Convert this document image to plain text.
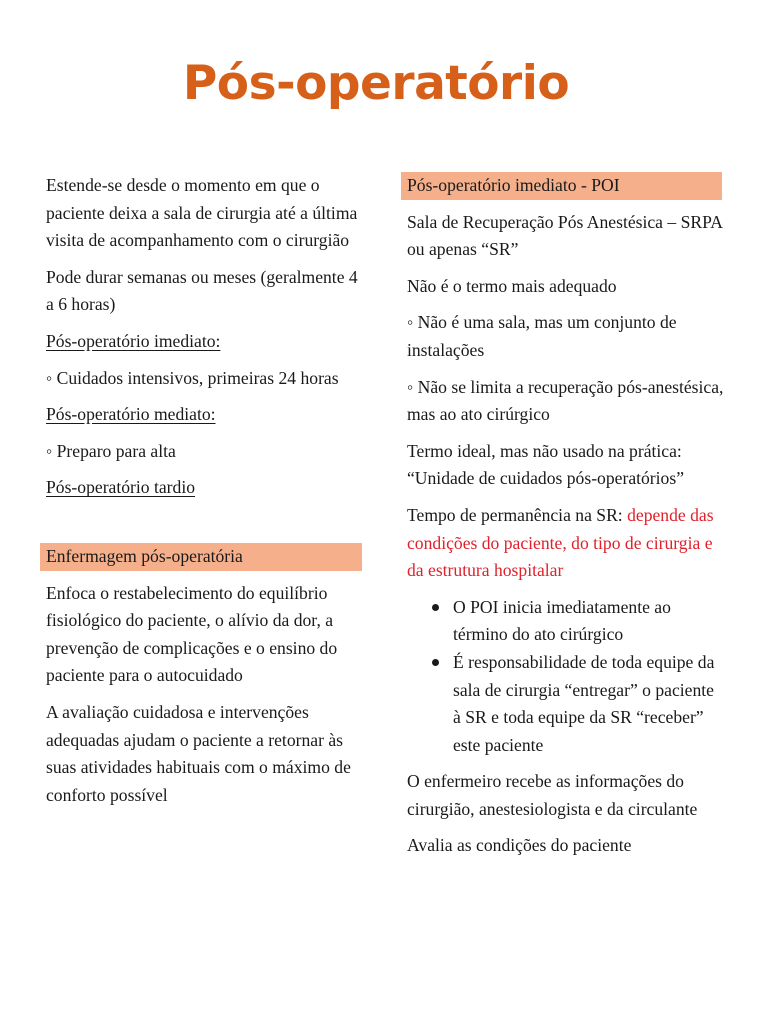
Pós-operatório

Estende-se desde o momento em que o paciente deixa a sala de cirurgia até a última visita de acompanhamento com o cirurgião

Pode durar semanas ou meses (geralmente 4 a 6 horas)

Pós-operatório imediato:

◦ Cuidados intensivos, primeiras 24 horas

Pós-operatório mediato:

◦ Preparo para alta

Pós-operatório tardio

Enfermagem pós-operatória

Enfoca o restabelecimento do equilíbrio fisiológico do paciente, o alívio da dor, a prevenção de complicações e o ensino do paciente para o autocuidado

A avaliação cuidadosa e intervenções adequadas ajudam o paciente a retornar às suas atividades habituais com o máximo de conforto possível

Pós-operatório imediato - POI

Sala de Recuperação Pós Anestésica – SRPA ou apenas “SR”

Não é o termo mais adequado

◦ Não é uma sala, mas um conjunto de instalações

◦ Não se limita a recuperação pós-anestésica, mas ao ato cirúrgico

Termo ideal, mas não usado na prática: “Unidade de cuidados pós-operatórios”

Tempo de permanência na SR: depende das condições do paciente, do tipo de cirurgia e da estrutura hospitalar

O POI inicia imediatamente ao término do ato cirúrgico
É responsabilidade de toda equipe da sala de cirurgia “entregar” o paciente à SR e toda equipe da SR “receber” este paciente

O enfermeiro recebe as informações do cirurgião, anestesiologista e da circulante

Avalia as condições do paciente
